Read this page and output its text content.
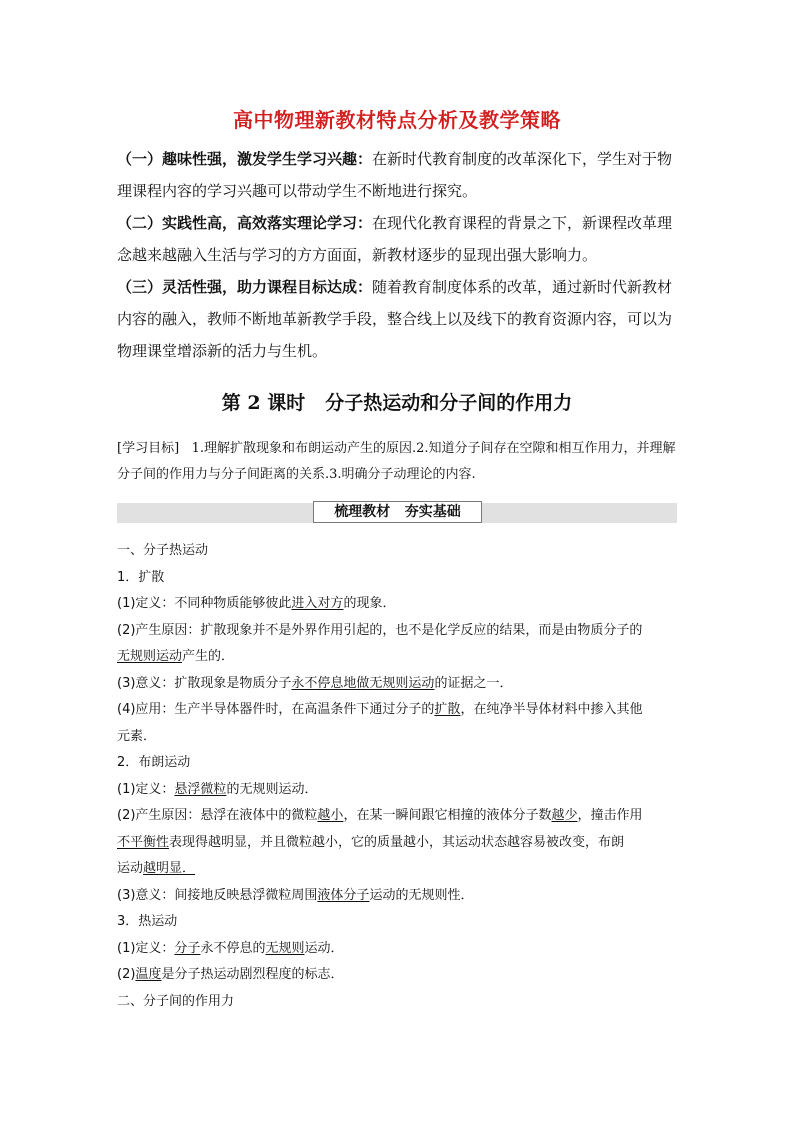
高中物理新教材特点分析及教学策略
（一）趣味性强，激发学生学习兴趣：在新时代教育制度的改革深化下，学生对于物理课程内容的学习兴趣可以带动学生不断地进行探究。
（二）实践性高，高效落实理论学习：在现代化教育课程的背景之下，新课程改革理念越来越融入生活与学习的方方面面，新教材逐步的显现出强大影响力。
（三）灵活性强，助力课程目标达成：随着教育制度体系的改革，通过新时代新教材内容的融入，教师不断地革新教学手段，整合线上以及线下的教育资源内容，可以为物理课堂增添新的活力与生机。
第 2 课时 分子热运动和分子间的作用力
[学习目标] 1.理解扩散现象和布朗运动产生的原因.2.知道分子间存在空隙和相互作用力，并理解分子间的作用力与分子间距离的关系.3.明确分子动理论的内容.
梳理教材   夯实基础
一、分子热运动
1．扩散
(1)定义：不同种物质能够彼此进入对方的现象．
(2)产生原因：扩散现象并不是外界作用引起的，也不是化学反应的结果，而是由物质分子的
无规则运动产生的．
(3)意义：扩散现象是物质分子永不停息地做无规则运动的证据之一．
(4)应用：生产半导体器件时，在高温条件下通过分子的扩散，在纯净半导体材料中掺入其他
元素．
2．布朗运动
(1)定义：悬浮微粒的无规则运动．
(2)产生原因：悬浮在液体中的微粒越小，在某一瞬间跟它相撞的液体分子数越少，撞击作用
不平衡性表现得越明显，并且微粒越小，它的质量越小，其运动状态越容易被改变，布朗
运动越明显．
(3)意义：间接地反映悬浮微粒周围液体分子运动的无规则性．
3．热运动
(1)定义：分子永不停息的无规则运动．
(2)温度是分子热运动剧烈程度的标志．
二、分子间的作用力
